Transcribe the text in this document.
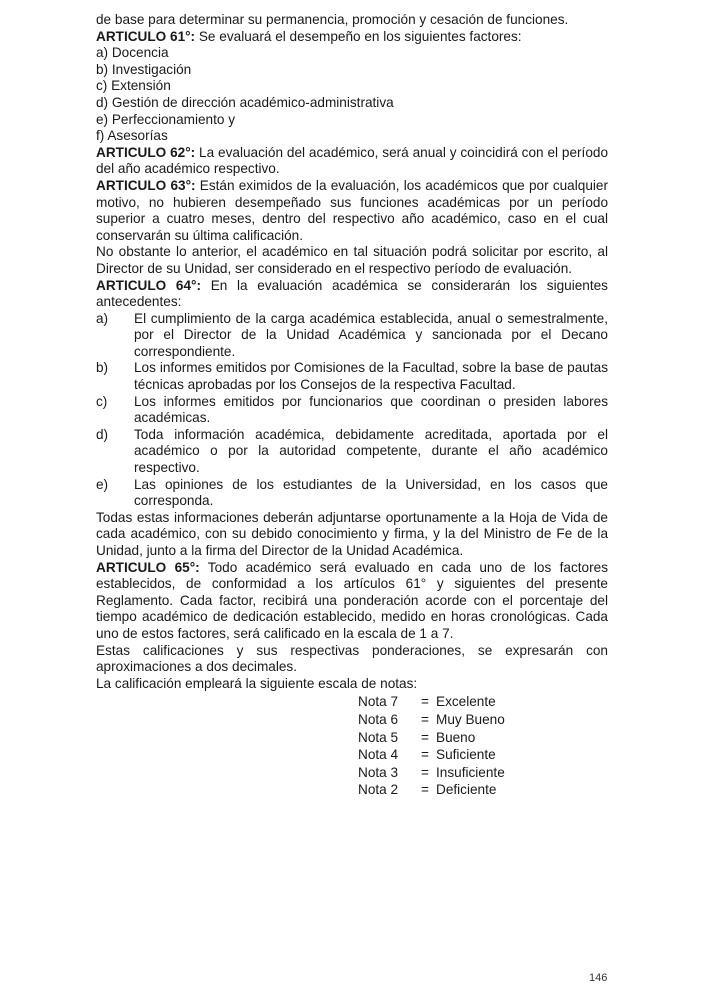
de base para determinar su permanencia, promoción y cesación de funciones.

ARTICULO 61°: Se evaluará el desempeño en los siguientes factores:

a) Docencia
b) Investigación
c) Extensión
d) Gestión de dirección académico-administrativa
e) Perfeccionamiento y
f) Asesorías

ARTICULO 62°: La evaluación del académico, será anual y coincidirá con el período del año académico respectivo.

ARTICULO 63°: Están eximidos de la evaluación, los académicos que por cualquier motivo, no hubieren desempeñado sus funciones académicas por un período superior a cuatro meses, dentro del respectivo año académico, caso en el cual conservarán su última calificación.

No obstante lo anterior, el académico en tal situación podrá solicitar por escrito, al Director de su Unidad, ser considerado en el respectivo período de evaluación.

ARTICULO 64°: En la evaluación académica se considerarán los siguientes antecedentes:

a)	El cumplimiento de la carga académica establecida, anual o semestralmente, por el Director de la Unidad Académica y sancionada por el Decano correspondiente.
b)	Los informes emitidos por Comisiones de la Facultad, sobre la base de pautas técnicas aprobadas por los Consejos de la respectiva Facultad.
c)	Los informes emitidos por funcionarios que coordinan o presiden labores académicas.
d)	Toda información académica, debidamente acreditada, aportada por el académico o por la autoridad competente, durante el año académico respectivo.
e)	Las opiniones de los estudiantes de la Universidad, en los casos que corresponda.

Todas estas informaciones deberán adjuntarse oportunamente a la Hoja de Vida de cada académico, con su debido conocimiento y firma, y la del Ministro de Fe de la Unidad, junto a la firma del Director de la Unidad Académica.

ARTICULO 65°: Todo académico será evaluado en cada uno de los factores establecidos, de conformidad a los artículos 61° y siguientes del presente Reglamento. Cada factor, recibirá una ponderación acorde con el porcentaje del tiempo académico de dedicación establecido, medido en horas cronológicas. Cada uno de estos factores, será calificado en la escala de 1 a 7.

Estas calificaciones y sus respectivas ponderaciones, se expresarán con aproximaciones a dos decimales.

La calificación empleará la siguiente escala de notas:

Nota 7	= Excelente
Nota 6	= Muy Bueno
Nota 5	= Bueno
Nota 4	= Suficiente
Nota 3	= Insuficiente
Nota 2	= Deficiente
146
